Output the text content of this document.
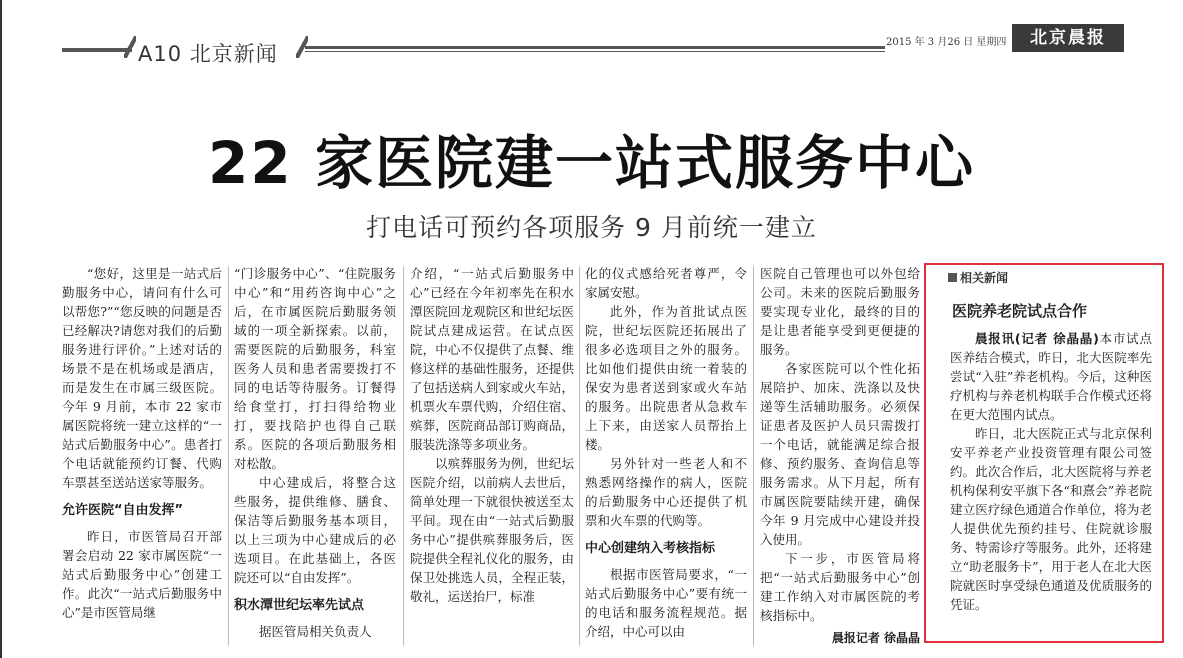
A10 北京新闻	2015 年 3 月26 日 星期四	北京晨报
22 家医院建一站式服务中心
打电话可预约各项服务 9 月前统一建立

“您好，这里是一站式后勤服务中心，请问有什么可以帮您?”“您反映的问题是否已经解决?请您对我们的后勤服务进行评价。”上述对话的场景不是在机场或是酒店，而是发生在市属三级医院。今年 9 月前，本市 22 家市属医院将统一建立这样的“一站式后勤服务中心”。患者打个电话就能预约订餐、代购车票甚至送站送家等服务。

允许医院“自由发挥”

昨日，市医管局召开部署会启动 22 家市属医院“一站式后勤服务中心”创建工作。此次“一站式后勤服务中心”是市医管局继

“门诊服务中心”、“住院服务中心”和“用药咨询中心”之后，在市属医院后勤服务领域的一项全新探索。以前，需要医院的后勤服务，科室医务人员和患者需要拨打不同的电话等待服务。订餐得给食堂打，打扫得给物业打，要找陪护也得自己联系。医院的各项后勤服务相对松散。

中心建成后，将整合这些服务，提供维修、膳食、保洁等后勤服务基本项目，以上三项为中心建成后的必选项目。在此基础上，各医院还可以“自由发挥”。

积水潭世纪坛率先试点

据医管局相关负责人

介绍，“一站式后勤服务中心”已经在今年初率先在积水潭医院回龙观院区和世纪坛医院试点建成运营。在试点医院，中心不仅提供了点餐、维修这样的基础性服务，还提供了包括送病人到家或火车站，机票火车票代购，介绍住宿、殡葬，医院商品部订购商品，服装洗涤等多项业务。

以殡葬服务为例，世纪坛医院介绍，以前病人去世后，简单处理一下就很快被送至太平间。现在由“一站式后勤服务中心”提供殡葬服务后，医院提供全程礼仪化的服务，由保卫处挑选人员，全程正装，敬礼，运送抬尸，标准

化的仪式感给死者尊严，令家属安慰。

此外，作为首批试点医院，世纪坛医院还拓展出了很多必选项目之外的服务。比如他们提供由统一着装的保安为患者送到家或火车站的服务。出院患者从急救车上下来，由送家人员帮抬上楼。

另外针对一些老人和不熟悉网络操作的病人，医院的后勤服务中心还提供了机票和火车票的代购等。

中心创建纳入考核指标

根据市医管局要求，“一站式后勤服务中心”要有统一的电话和服务流程规范。据介绍，中心可以由

医院自己管理也可以外包给公司。未来的医院后勤服务要实现专业化，最终的目的是让患者能享受到更便捷的服务。

各家医院可以个性化拓展陪护、加床、洗涤以及快递等生活辅助服务。必须保证患者及医护人员只需拨打一个电话，就能满足综合报修、预约服务、查询信息等服务需求。从下月起，所有市属医院要陆续开建，确保今年 9 月完成中心建设并投入使用。

下一步，市医管局将把“一站式后勤服务中心”创建工作纳入对市属医院的考核指标中。

晨报记者 徐晶晶
相关新闻
医院养老院试点合作

晨报讯(记者 徐晶晶)本市试点医养结合模式，昨日，北大医院率先尝试“入驻”养老机构。今后，这种医疗机构与养老机构联手合作模式还将在更大范围内试点。

昨日，北大医院正式与北京保利安平养老产业投资管理有限公司签约。此次合作后，北大医院将与养老机构保利安平旗下各“和熹会”养老院建立医疗绿色通道合作单位，将为老人提供优先预约挂号、住院就诊服务、特需诊疗等服务。此外，还将建立“助老服务卡”，用于老人在北大医院就医时享受绿色通道及优质服务的凭证。
